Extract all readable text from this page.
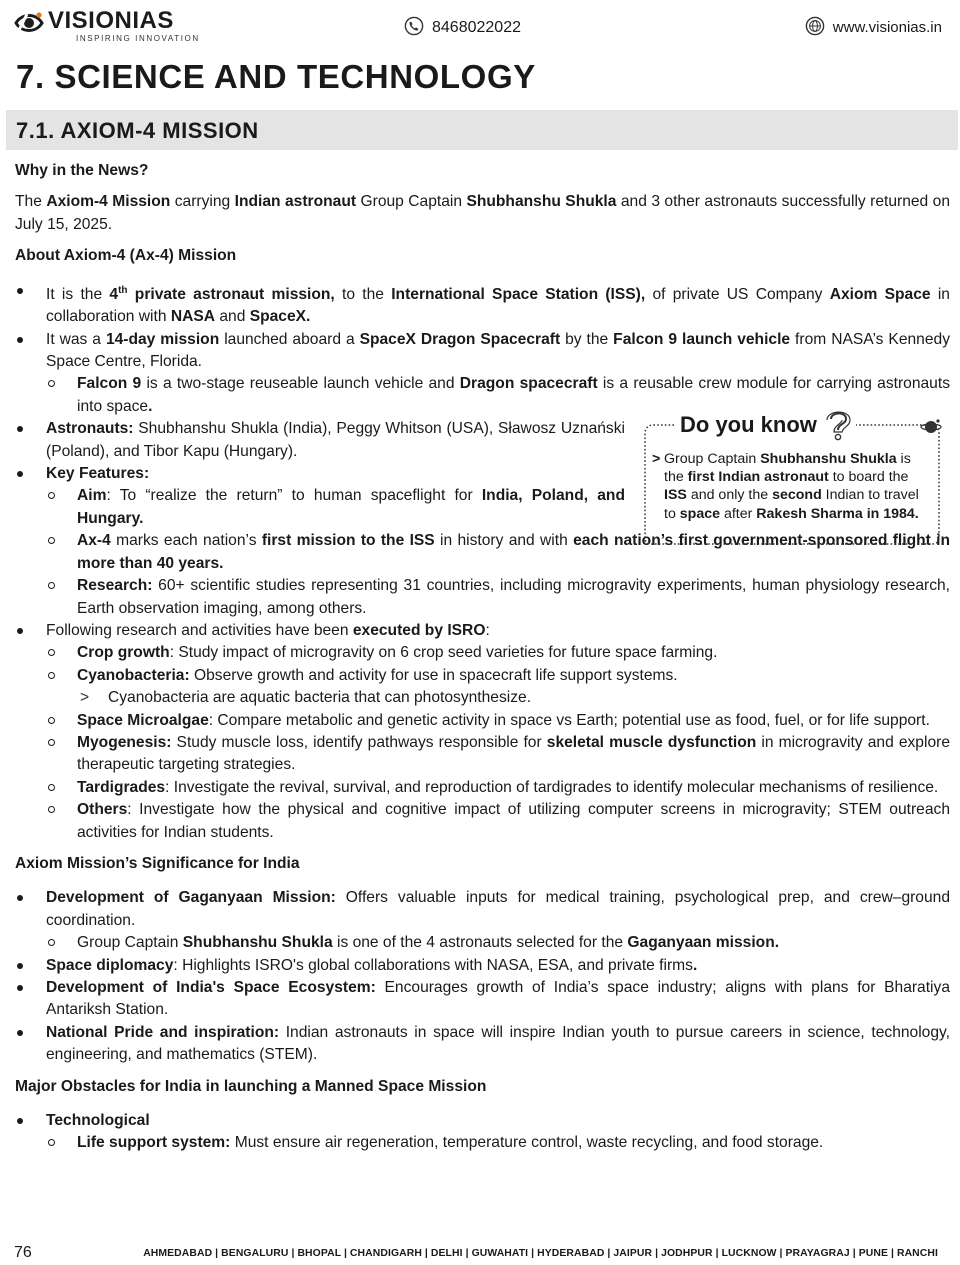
VISIONIAS
INSPIRING INNOVATION
8468022022	www.visionias.in
7. SCIENCE AND TECHNOLOGY
7.1. AXIOM-4 MISSION

Why in the News?

The Axiom-4 Mission carrying Indian astronaut Group Captain Shubhanshu Shukla and 3 other astronauts successfully returned on July 15, 2025.

About Axiom-4 (Ax-4) Mission

It is the 4th private astronaut mission, to the International Space Station (ISS), of private US Company Axiom Space in collaboration with NASA and SpaceX.
It was a 14-day mission launched aboard a SpaceX Dragon Spacecraft by the Falcon 9 launch vehicle from NASA’s Kennedy Space Centre, Florida.
Falcon 9 is a two-stage reuseable launch vehicle and Dragon spacecraft is a reusable crew module for carrying astronauts into space.
Astronauts: Shubhanshu Shukla (India), Peggy Whitson (USA), Sławosz Uznański (Poland), and Tibor Kapu (Hungary).
Key Features:
Aim: To “realize the return” to human spaceflight for India, Poland, and Hungary.
Ax-4 marks each nation’s first mission to the ISS in history and with each nation’s first government-sponsored flight in more than 40 years.
Research: 60+ scientific studies representing 31 countries, including microgravity experiments, human physiology research, Earth observation imaging, among others.
Following research and activities have been executed by ISRO:
Crop growth: Study impact of microgravity on 6 crop seed varieties for future space farming.
Cyanobacteria: Observe growth and activity for use in spacecraft life support systems.
> Cyanobacteria are aquatic bacteria that can photosynthesize.
Space Microalgae: Compare metabolic and genetic activity in space vs Earth; potential use as food, fuel, or for life support.
Myogenesis: Study muscle loss, identify pathways responsible for skeletal muscle dysfunction in microgravity and explore therapeutic targeting strategies.
Tardigrades: Investigate the revival, survival, and reproduction of tardigrades to identify molecular mechanisms of resilience.
Others: Investigate how the physical and cognitive impact of utilizing computer screens in microgravity; STEM outreach activities for Indian students.

Axiom Mission’s Significance for India

Development of Gaganyaan Mission: Offers valuable inputs for medical training, psychological prep, and crew–ground coordination.
Group Captain Shubhanshu Shukla is one of the 4 astronauts selected for the Gaganyaan mission.
Space diplomacy: Highlights ISRO's global collaborations with NASA, ESA, and private firms.
Development of India's Space Ecosystem: Encourages growth of India’s space industry; aligns with plans for Bharatiya Antariksh Station.
National Pride and inspiration: Indian astronauts in space will inspire Indian youth to pursue careers in science, technology, engineering, and mathematics (STEM).

Major Obstacles for India in launching a Manned Space Mission

Technological
Life support system: Must ensure air regeneration, temperature control, waste recycling, and food storage.
Do you know
> Group Captain Shubhanshu Shukla is the first Indian astronaut to board the ISS and only the second Indian to travel to space after Rakesh Sharma in 1984.
76	AHMEDABAD | BENGALURU | BHOPAL | CHANDIGARH | DELHI | GUWAHATI | HYDERABAD | JAIPUR | JODHPUR | LUCKNOW | PRAYAGRAJ | PUNE | RANCHI
